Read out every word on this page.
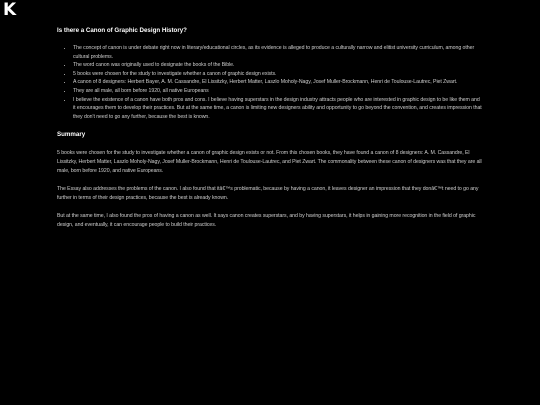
K
Is there a Canon of Graphic Design History?
• The concept of canon is under debate right now in literary/educational circles, as its evidence is alleged to produce a culturally narrow and elitist university curriculum, among other cultural problems.
• The word canon was originally used to designate the books of the Bible.
• 5 books were chosen for the study to investigate whether a canon of graphic design exists.
• A canon of 8 designers: Herbert Bayer, A. M. Cassandre, El Lissitzky, Herbert Matter, Laszlo Moholy-Nagy, Josef Muller-Brockmann, Henri de Toulouse-Lautrec, Piet Zwart.
• They are all male, all born before 1920, all native Europeans
• I believe the existence of a canon have both pros and cons. I believe having superstars in the design industry attracts people who are interested in graphic design to be like them and it encourages them to develop their practices. But at the same time, a canon is limiting new designers ability and opportunity to go beyond the convention, and creates impression that they don't need to go any further, because the best is known.
Summary

5 books were chosen for the study to investigate whether a canon of graphic design exists or not. From this chosen books, they have found a canon of 8 designers: A. M. Cassandre, El Lissitzky, Herbert Matter, Laszlo Moholy-Nagy, Josef Muller-Brockmann, Henri de Toulouse-Lautrec, and Piet Zwart. The commonality between these canon of designers was that they are all male, born before 1920, and native Europeans.

The Essay also addresses the problems of the canon. I also found that itâ€™s problematic, because by having a canon, it leaves designer an impression that they donâ€™t need to go any further in terms of their design practices, because the best is already known.

But at the same time, I also found the pros of having a canon as well. It says canon creates superstars, and by having superstars, it helps in gaining more recognition in the field of graphic design, and eventually, it can encourage people to build their practices.
